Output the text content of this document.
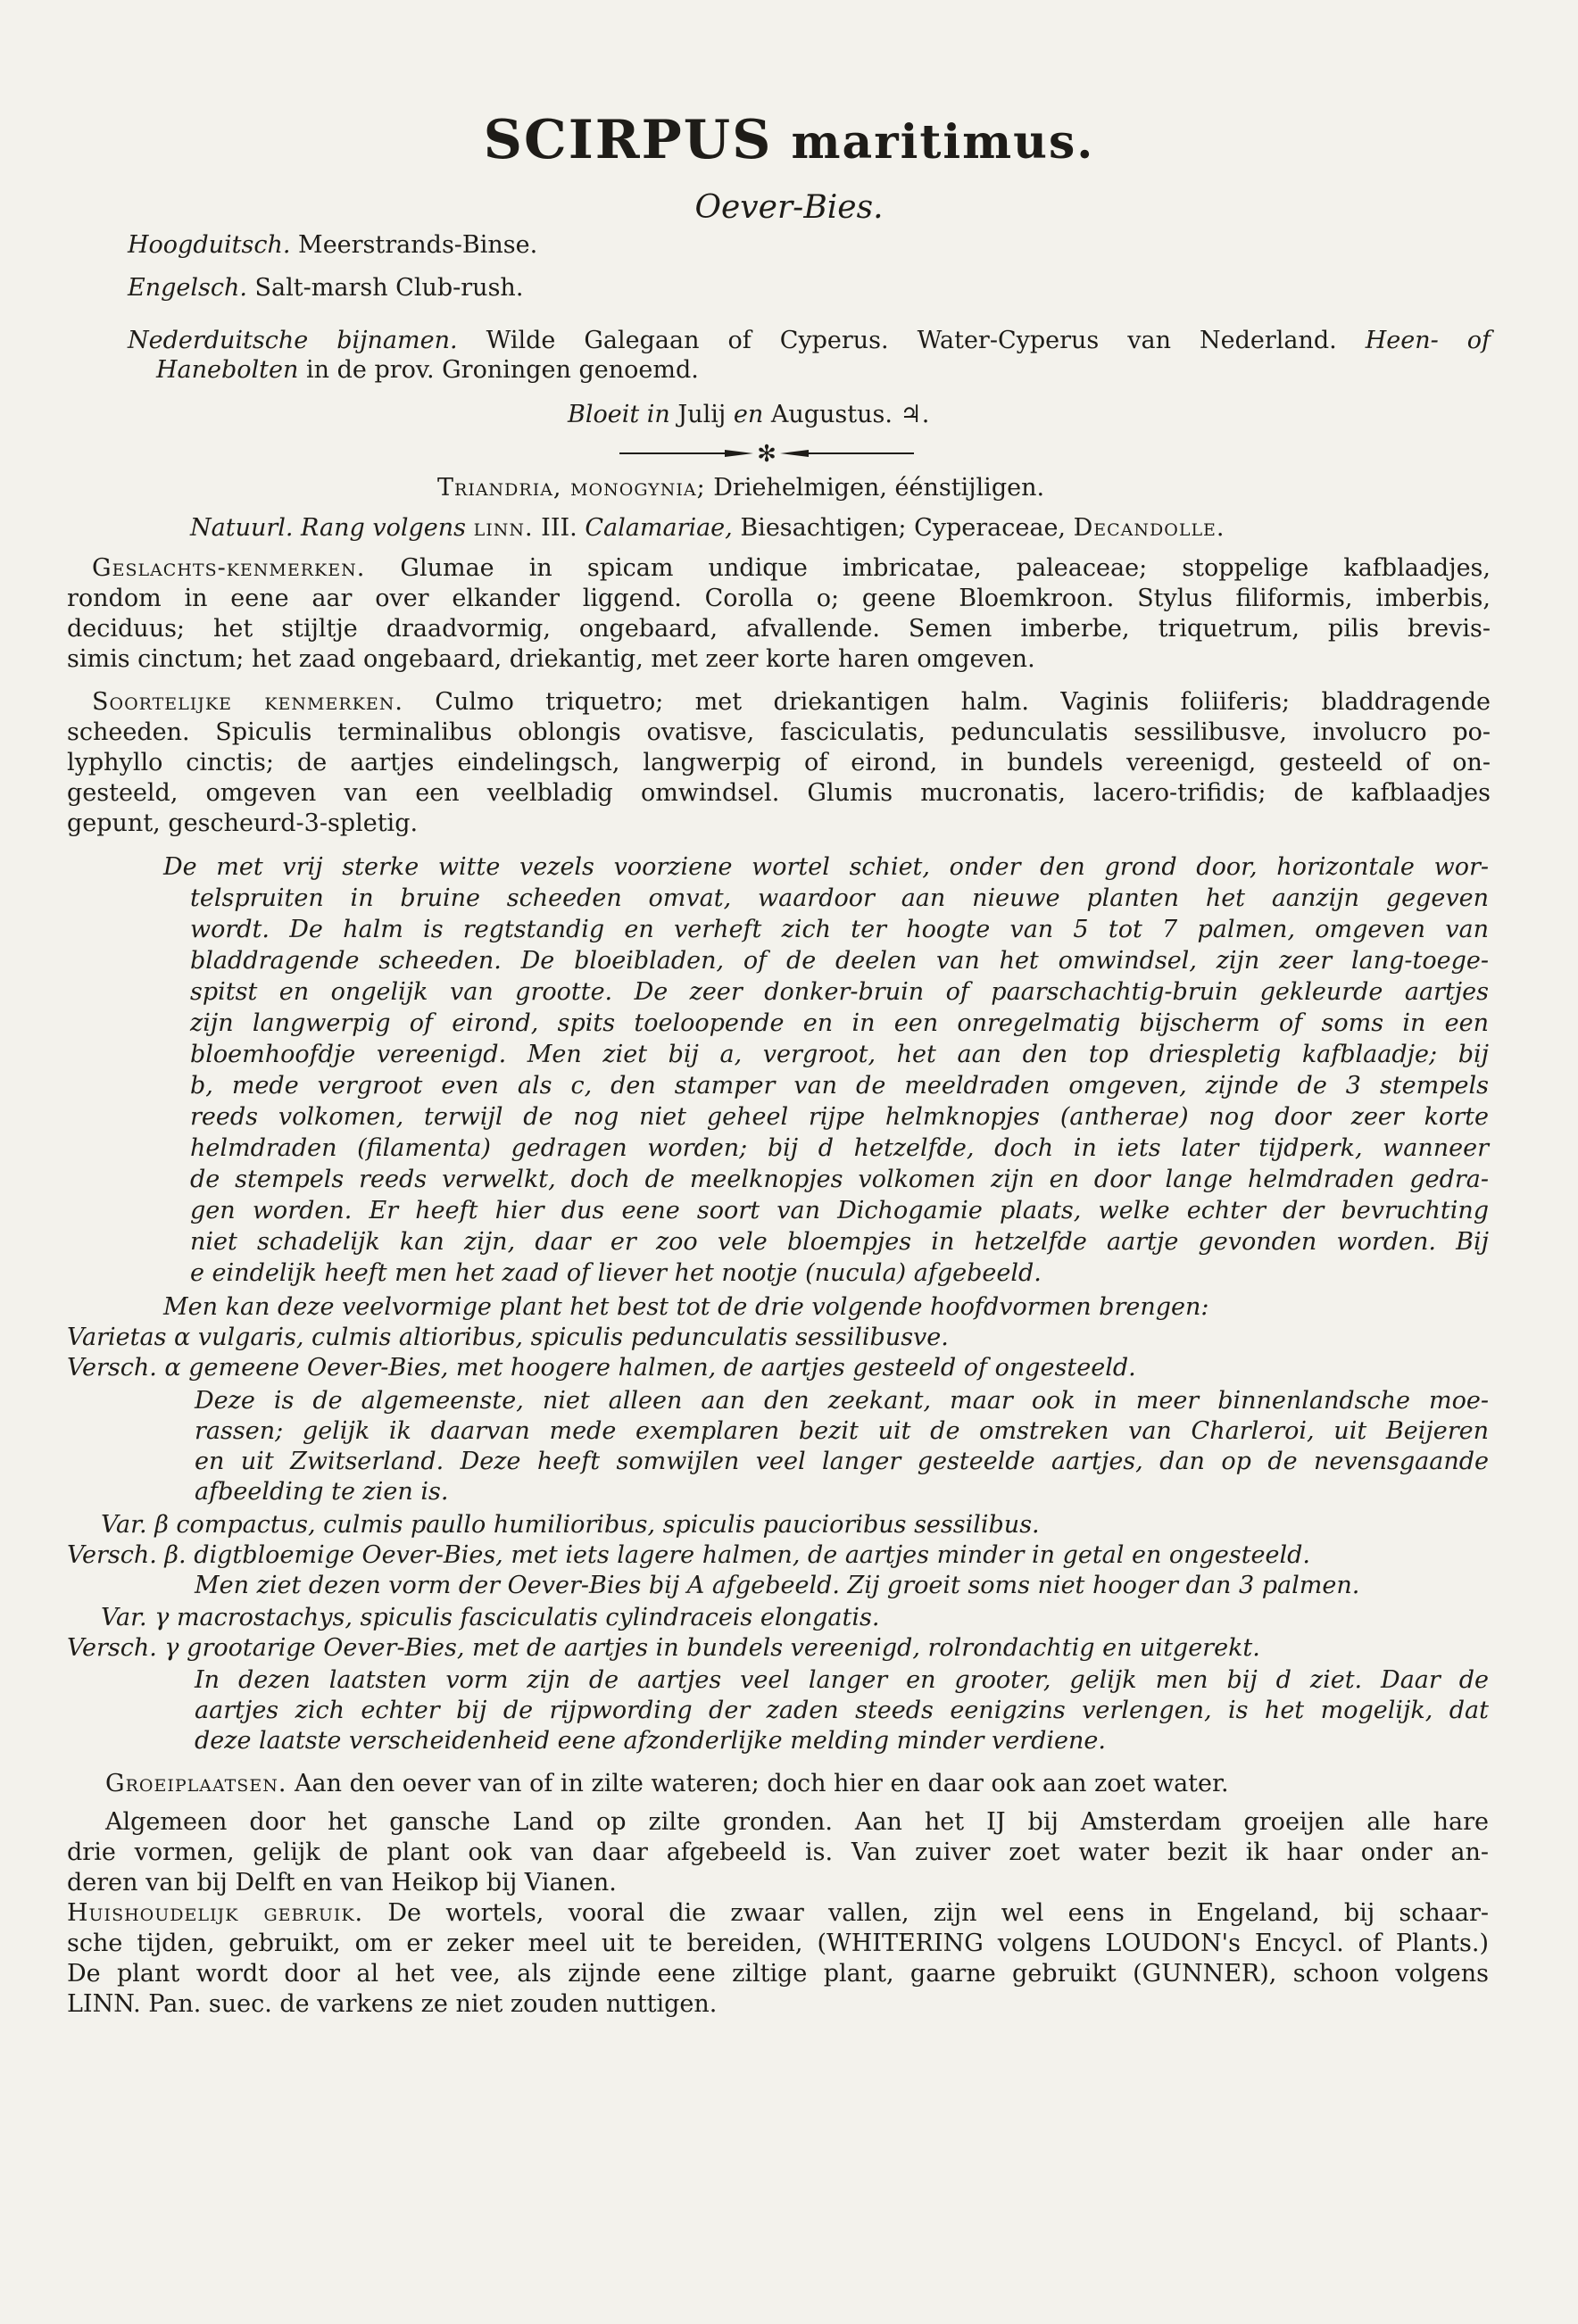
SCIRPUS maritimus.
Oever-Bies.
Hoogduitsch. Meerstrands-Binse.
Engelsch. Salt-marsh Club-rush.
Nederduitsche bijnamen. Wilde Galegaan of Cyperus. Water-Cyperus van Nederland. Heen- of
Hanebolten in de prov. Groningen genoemd.
Bloeit in Julij en Augustus. ♃.
✻
Triandria, monogynia; Driehelmigen, éénstijligen.
Natuurl. Rang volgens linn. III. Calamariae, Biesachtigen; Cyperaceae, Decandolle.
Geslachts-kenmerken. Glumae in spicam undique imbricatae, paleaceae; stoppelige kafblaadjes,
rondom in eene aar over elkander liggend. Corolla o; geene Bloemkroon. Stylus filiformis, imberbis,
deciduus; het stijltje draadvormig, ongebaard, afvallende. Semen imberbe, triquetrum, pilis brevis-
simis cinctum; het zaad ongebaard, driekantig, met zeer korte haren omgeven.
Soortelijke kenmerken. Culmo triquetro; met driekantigen halm. Vaginis foliiferis; bladdragende
scheeden. Spiculis terminalibus oblongis ovatisve, fasciculatis, pedunculatis sessilibusve, involucro po-
lyphyllo cinctis; de aartjes eindelingsch, langwerpig of eirond, in bundels vereenigd, gesteeld of on-
gesteeld, omgeven van een veelbladig omwindsel. Glumis mucronatis, lacero-trifidis; de kafblaadjes
gepunt, gescheurd-3-spletig.
De met vrij sterke witte vezels voorziene wortel schiet, onder den grond door, horizontale wor-
telspruiten in bruine scheeden omvat, waardoor aan nieuwe planten het aanzijn gegeven
wordt. De halm is regtstandig en verheft zich ter hoogte van 5 tot 7 palmen, omgeven van
bladdragende scheeden. De bloeibladen, of de deelen van het omwindsel, zijn zeer lang-toege-
spitst en ongelijk van grootte. De zeer donker-bruin of paarschachtig-bruin gekleurde aartjes
zijn langwerpig of eirond, spits toeloopende en in een onregelmatig bijscherm of soms in een
bloemhoofdje vereenigd. Men ziet bij a, vergroot, het aan den top driespletig kafblaadje; bij
b, mede vergroot even als c, den stamper van de meeldraden omgeven, zijnde de 3 stempels
reeds volkomen, terwijl de nog niet geheel rijpe helmknopjes (antherae) nog door zeer korte
helmdraden (filamenta) gedragen worden; bij d hetzelfde, doch in iets later tijdperk, wanneer
de stempels reeds verwelkt, doch de meelknopjes volkomen zijn en door lange helmdraden gedra-
gen worden. Er heeft hier dus eene soort van Dichogamie plaats, welke echter der bevruchting
niet schadelijk kan zijn, daar er zoo vele bloempjes in hetzelfde aartje gevonden worden. Bij
e eindelijk heeft men het zaad of liever het nootje (nucula) afgebeeld.
Men kan deze veelvormige plant het best tot de drie volgende hoofdvormen brengen:
Varietas α vulgaris, culmis altioribus, spiculis pedunculatis sessilibusve.
Versch. α gemeene Oever-Bies, met hoogere halmen, de aartjes gesteeld of ongesteeld.
Deze is de algemeenste, niet alleen aan den zeekant, maar ook in meer binnenlandsche moe-
rassen; gelijk ik daarvan mede exemplaren bezit uit de omstreken van Charleroi, uit Beijeren
en uit Zwitserland. Deze heeft somwijlen veel langer gesteelde aartjes, dan op de nevensgaande
afbeelding te zien is.
Var. β compactus, culmis paullo humilioribus, spiculis paucioribus sessilibus.
Versch. β. digtbloemige Oever-Bies, met iets lagere halmen, de aartjes minder in getal en ongesteeld.
Men ziet dezen vorm der Oever-Bies bij A afgebeeld. Zij groeit soms niet hooger dan 3 palmen.
Var. γ macrostachys, spiculis fasciculatis cylindraceis elongatis.
Versch. γ grootarige Oever-Bies, met de aartjes in bundels vereenigd, rolrondachtig en uitgerekt.
In dezen laatsten vorm zijn de aartjes veel langer en grooter, gelijk men bij d ziet. Daar de
aartjes zich echter bij de rijpwording der zaden steeds eenigzins verlengen, is het mogelijk, dat
deze laatste verscheidenheid eene afzonderlijke melding minder verdiene.
Groeiplaatsen. Aan den oever van of in zilte wateren; doch hier en daar ook aan zoet water.
Algemeen door het gansche Land op zilte gronden. Aan het IJ bij Amsterdam groeijen alle hare
drie vormen, gelijk de plant ook van daar afgebeeld is. Van zuiver zoet water bezit ik haar onder an-
deren van bij Delft en van Heikop bij Vianen.
Huishoudelijk gebruik. De wortels, vooral die zwaar vallen, zijn wel eens in Engeland, bij schaar-
sche tijden, gebruikt, om er zeker meel uit te bereiden, (WHITERING volgens LOUDON's Encycl. of Plants.)
De plant wordt door al het vee, als zijnde eene ziltige plant, gaarne gebruikt (GUNNER), schoon volgens
LINN. Pan. suec. de varkens ze niet zouden nuttigen.
